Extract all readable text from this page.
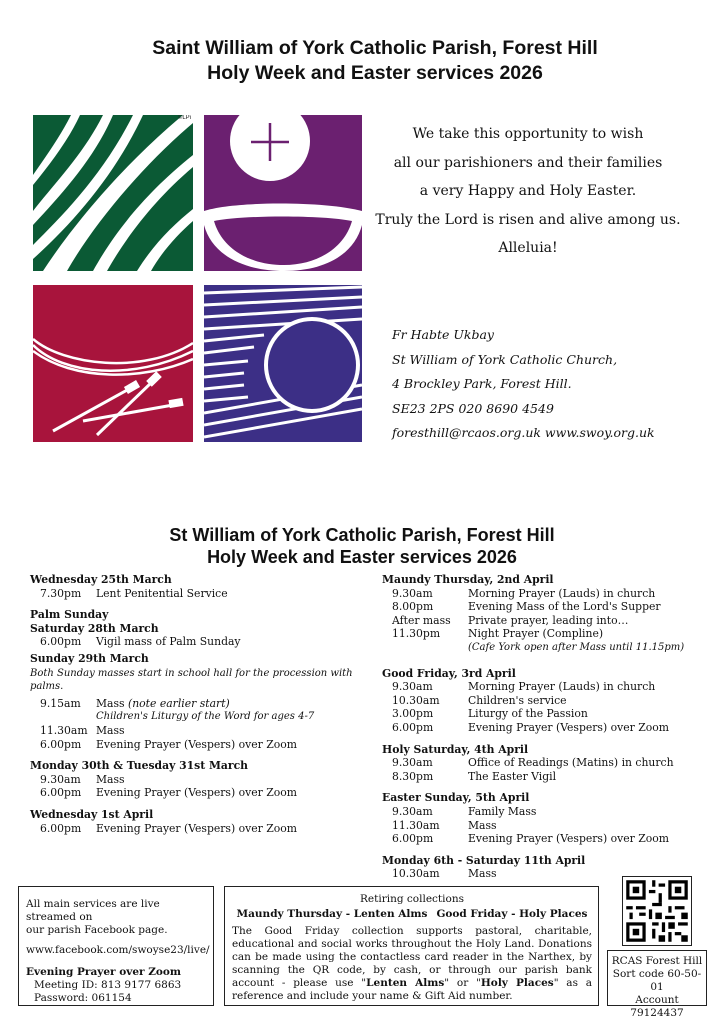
Saint William of York Catholic Parish, Forest Hill
Holy Week and Easter services 2026
©LPi
We take this opportunity to wish
all our parishioners and their families
a very Happy and Holy Easter.
Truly the Lord is risen and alive among us.
Alleluia!
Fr Habte Ukbay
St William of York Catholic Church,
4 Brockley Park, Forest Hill.
SE23 2PS 020 8690 4549
foresthill@rcaos.org.uk www.swoy.org.uk
St William of York Catholic Parish, Forest Hill
Holy Week and Easter services 2026
Wednesday 25th March
7.30pm	Lent Penitential Service
Palm Sunday
Saturday 28th March
6.00pm	Vigil mass of Palm Sunday
Sunday 29th March
Both Sunday masses start in school hall for the procession with palms.
9.15am	Mass (note earlier start)
Children's Liturgy of the Word for ages 4-7
11.30am Mass
6.00pm	Evening Prayer (Vespers) over Zoom
Monday 30th & Tuesday 31st March
9.30am	Mass
6.00pm	Evening Prayer (Vespers) over Zoom
Wednesday 1st April
6.00pm	Evening Prayer (Vespers) over Zoom
Maundy Thursday, 2nd April
9.30am	Morning Prayer (Lauds) in church
8.00pm	Evening Mass of the Lord's Supper
After mass	Private prayer, leading into…
11.30pm	Night Prayer (Compline)
(Cafe York open after Mass until 11.15pm)
Good Friday, 3rd April
9.30am	Morning Prayer (Lauds) in church
10.30am	Children's service
3.00pm	Liturgy of the Passion
6.00pm	Evening Prayer (Vespers) over Zoom
Holy Saturday, 4th April
9.30am	Office of Readings (Matins) in church
8.30pm	The Easter Vigil
Easter Sunday, 5th April
9.30am	Family Mass
11.30am	Mass
6.00pm	Evening Prayer (Vespers) over Zoom
Monday 6th - Saturday 11th April
10.30am	Mass
All main services are live streamed on
our parish Facebook page.
www.facebook.com/swoyse23/live/
Evening Prayer over Zoom
Meeting ID: 813 9177 6863
Password: 061154
Retiring collections
Maundy Thursday - Lenten Alms Good Friday - Holy Places
The Good Friday collection supports pastoral, charitable, educational and social works throughout the Holy Land. Donations can be made using the contactless card reader in the Narthex, by scanning the QR code, by cash, or through our parish bank account - please use "Lenten Alms" or "Holy Places" as a reference and include your name & Gift Aid number.
RCAS Forest Hill
Sort code 60-50-01
Account 79124437
